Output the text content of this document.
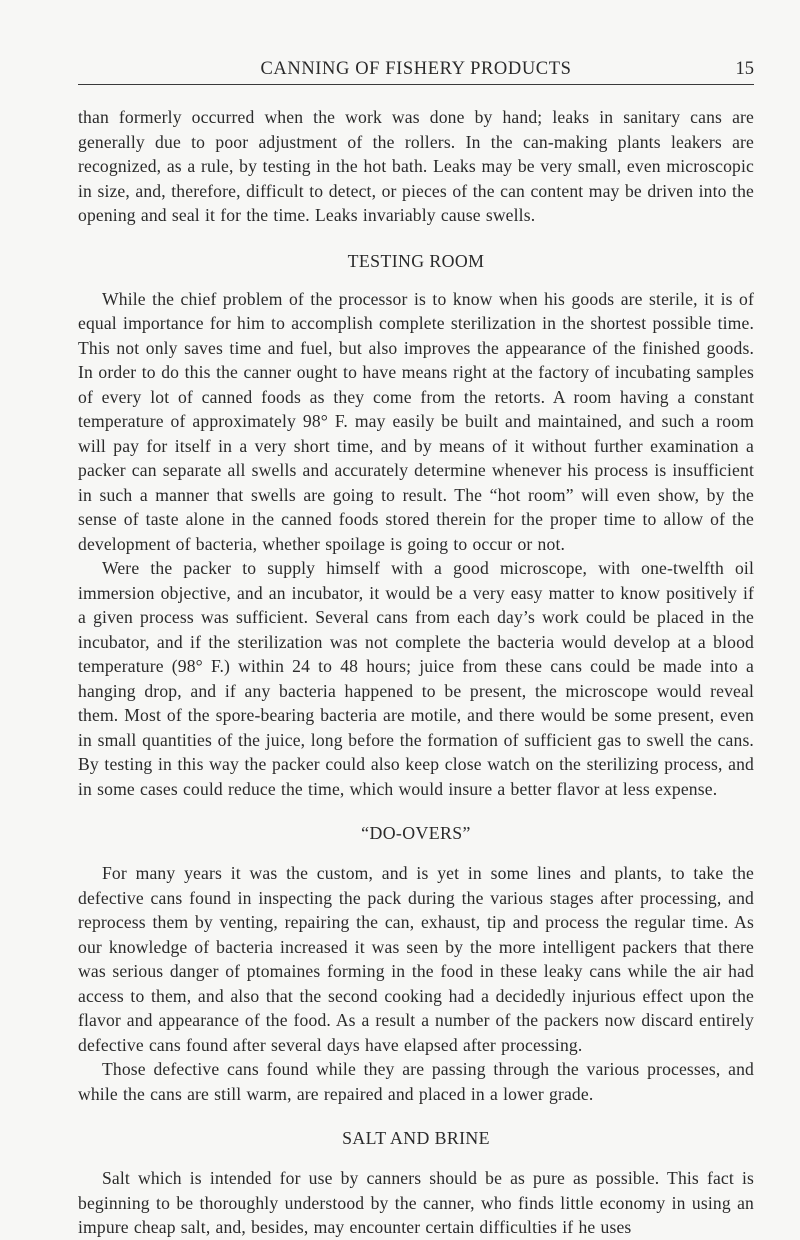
CANNING OF FISHERY PRODUCTS	15

than formerly occurred when the work was done by hand; leaks in sanitary cans are generally due to poor adjustment of the rollers. In the can-making plants leakers are recognized, as a rule, by testing in the hot bath. Leaks may be very small, even microscopic in size, and, therefore, difficult to detect, or pieces of the can content may be driven into the opening and seal it for the time. Leaks invariably cause swells.

TESTING ROOM

While the chief problem of the processor is to know when his goods are sterile, it is of equal importance for him to accomplish complete sterilization in the shortest possible time. This not only saves time and fuel, but also improves the appearance of the finished goods. In order to do this the canner ought to have means right at the factory of incubating samples of every lot of canned foods as they come from the retorts. A room having a constant temperature of approximately 98° F. may easily be built and maintained, and such a room will pay for itself in a very short time, and by means of it without further examination a packer can separate all swells and accurately determine whenever his process is insufficient in such a manner that swells are going to result. The “hot room” will even show, by the sense of taste alone in the canned foods stored therein for the proper time to allow of the development of bacteria, whether spoilage is going to occur or not.

Were the packer to supply himself with a good microscope, with one-twelfth oil immersion objective, and an incubator, it would be a very easy matter to know positively if a given process was sufficient. Several cans from each day’s work could be placed in the incubator, and if the sterilization was not complete the bacteria would develop at a blood temperature (98° F.) within 24 to 48 hours; juice from these cans could be made into a hanging drop, and if any bacteria happened to be present, the microscope would reveal them. Most of the spore-bearing bacteria are motile, and there would be some present, even in small quantities of the juice, long before the formation of sufficient gas to swell the cans. By testing in this way the packer could also keep close watch on the sterilizing process, and in some cases could reduce the time, which would insure a better flavor at less expense.

“DO-OVERS”

For many years it was the custom, and is yet in some lines and plants, to take the defective cans found in inspecting the pack during the various stages after processing, and reprocess them by venting, repairing the can, exhaust, tip and process the regular time. As our knowledge of bacteria increased it was seen by the more intelligent packers that there was serious danger of ptomaines forming in the food in these leaky cans while the air had access to them, and also that the second cooking had a decidedly injurious effect upon the flavor and appearance of the food. As a result a number of the packers now discard entirely defective cans found after several days have elapsed after processing.

Those defective cans found while they are passing through the various processes, and while the cans are still warm, are repaired and placed in a lower grade.

SALT AND BRINE

Salt which is intended for use by canners should be as pure as possible. This fact is beginning to be thoroughly understood by the canner, who finds little economy in using an impure cheap salt, and, besides, may encounter certain difficulties if he uses
